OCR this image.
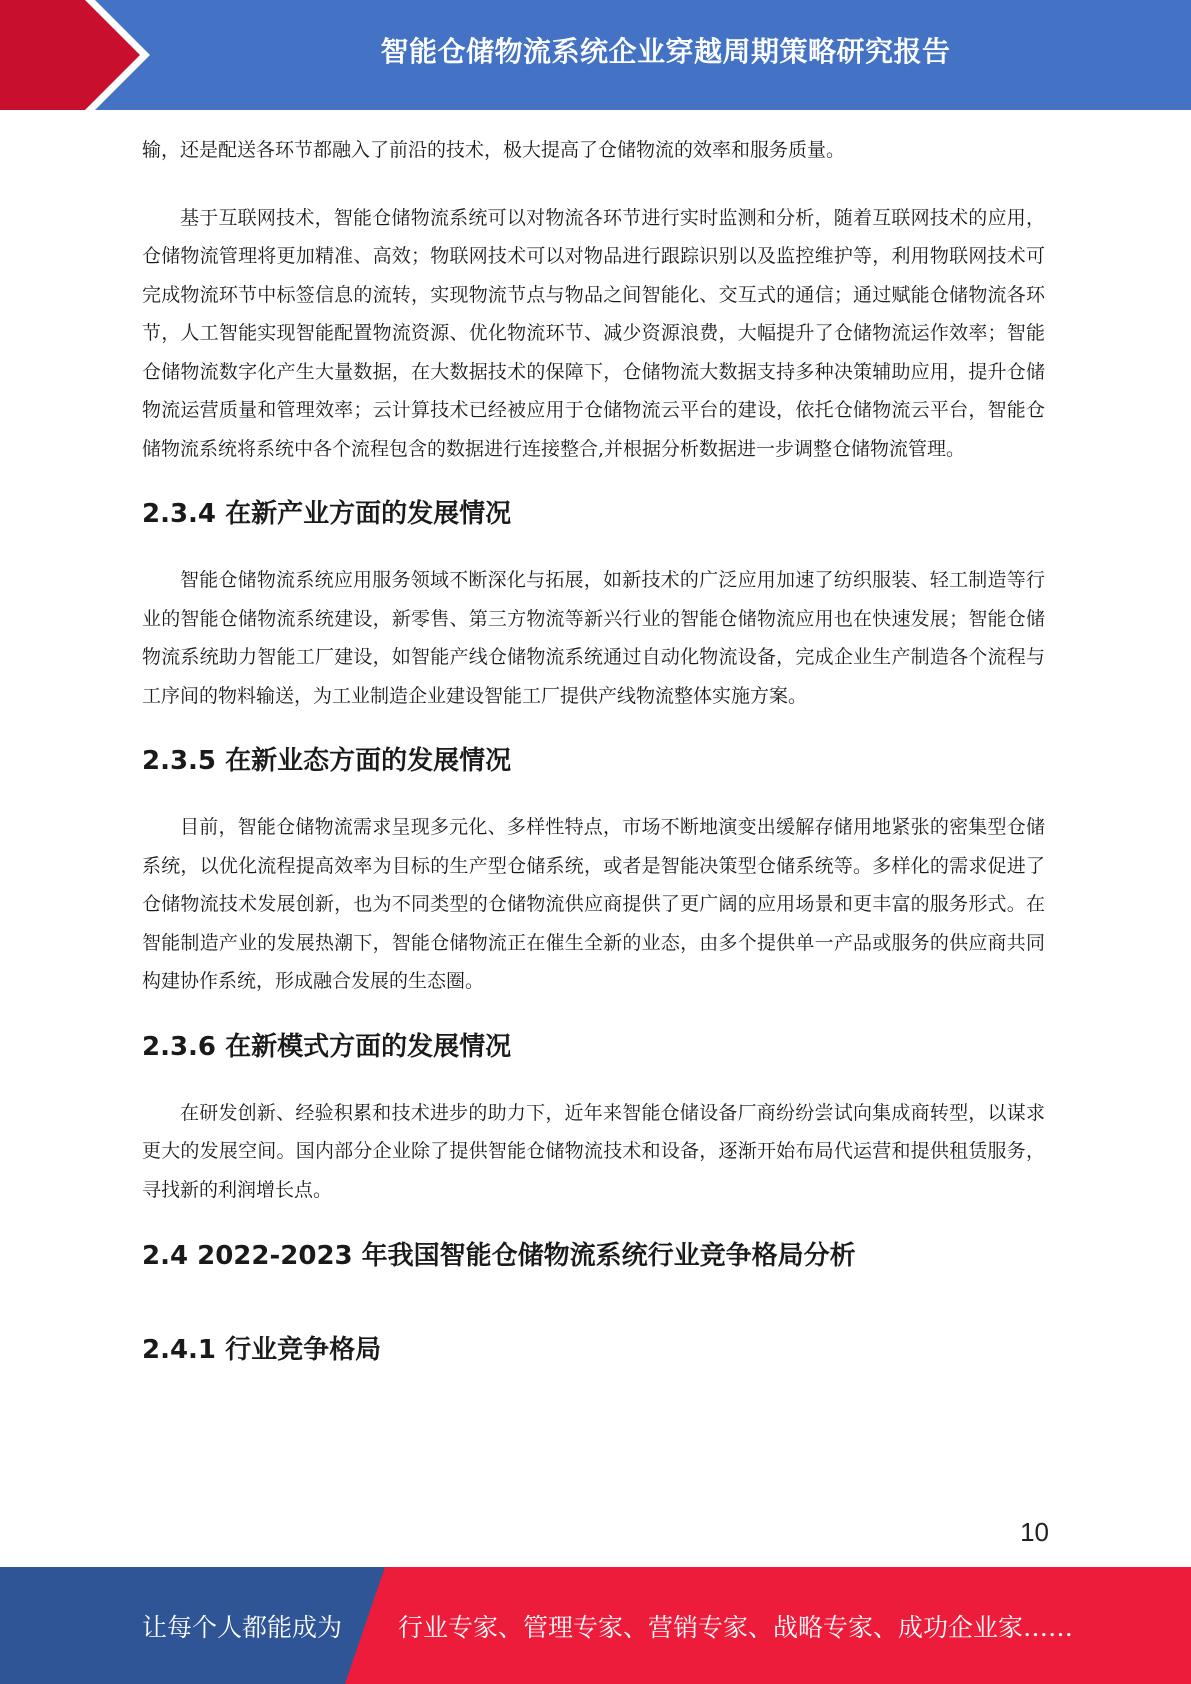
智能仓储物流系统企业穿越周期策略研究报告

输，还是配送各环节都融入了前沿的技术，极大提高了仓储物流的效率和服务质量。

基于互联网技术，智能仓储物流系统可以对物流各环节进行实时监测和分析，随着互联网技术的应用，仓储物流管理将更加精准、高效；物联网技术可以对物品进行跟踪识别以及监控维护等，利用物联网技术可完成物流环节中标签信息的流转，实现物流节点与物品之间智能化、交互式的通信；通过赋能仓储物流各环节，人工智能实现智能配置物流资源、优化物流环节、减少资源浪费，大幅提升了仓储物流运作效率；智能仓储物流数字化产生大量数据，在大数据技术的保障下，仓储物流大数据支持多种决策辅助应用，提升仓储物流运营质量和管理效率；云计算技术已经被应用于仓储物流云平台的建设，依托仓储物流云平台，智能仓储物流系统将系统中各个流程包含的数据进行连接整合,并根据分析数据进一步调整仓储物流管理。

2.3.4 在新产业方面的发展情况

智能仓储物流系统应用服务领域不断深化与拓展，如新技术的广泛应用加速了纺织服装、轻工制造等行业的智能仓储物流系统建设，新零售、第三方物流等新兴行业的智能仓储物流应用也在快速发展；智能仓储物流系统助力智能工厂建设，如智能产线仓储物流系统通过自动化物流设备，完成企业生产制造各个流程与工序间的物料输送，为工业制造企业建设智能工厂提供产线物流整体实施方案。

2.3.5 在新业态方面的发展情况

目前，智能仓储物流需求呈现多元化、多样性特点，市场不断地演变出缓解存储用地紧张的密集型仓储系统，以优化流程提高效率为目标的生产型仓储系统，或者是智能决策型仓储系统等。多样化的需求促进了仓储物流技术发展创新，也为不同类型的仓储物流供应商提供了更广阔的应用场景和更丰富的服务形式。在智能制造产业的发展热潮下，智能仓储物流正在催生全新的业态，由多个提供单一产品或服务的供应商共同构建协作系统，形成融合发展的生态圈。

2.3.6 在新模式方面的发展情况

在研发创新、经验积累和技术进步的助力下，近年来智能仓储设备厂商纷纷尝试向集成商转型，以谋求更大的发展空间。国内部分企业除了提供智能仓储物流技术和设备，逐渐开始布局代运营和提供租赁服务，寻找新的利润增长点。

2.4 2022-2023 年我国智能仓储物流系统行业竞争格局分析
2.4.1 行业竞争格局
10
让每个人都能成为 行业专家、管理专家、营销专家、战略专家、成功企业家……
